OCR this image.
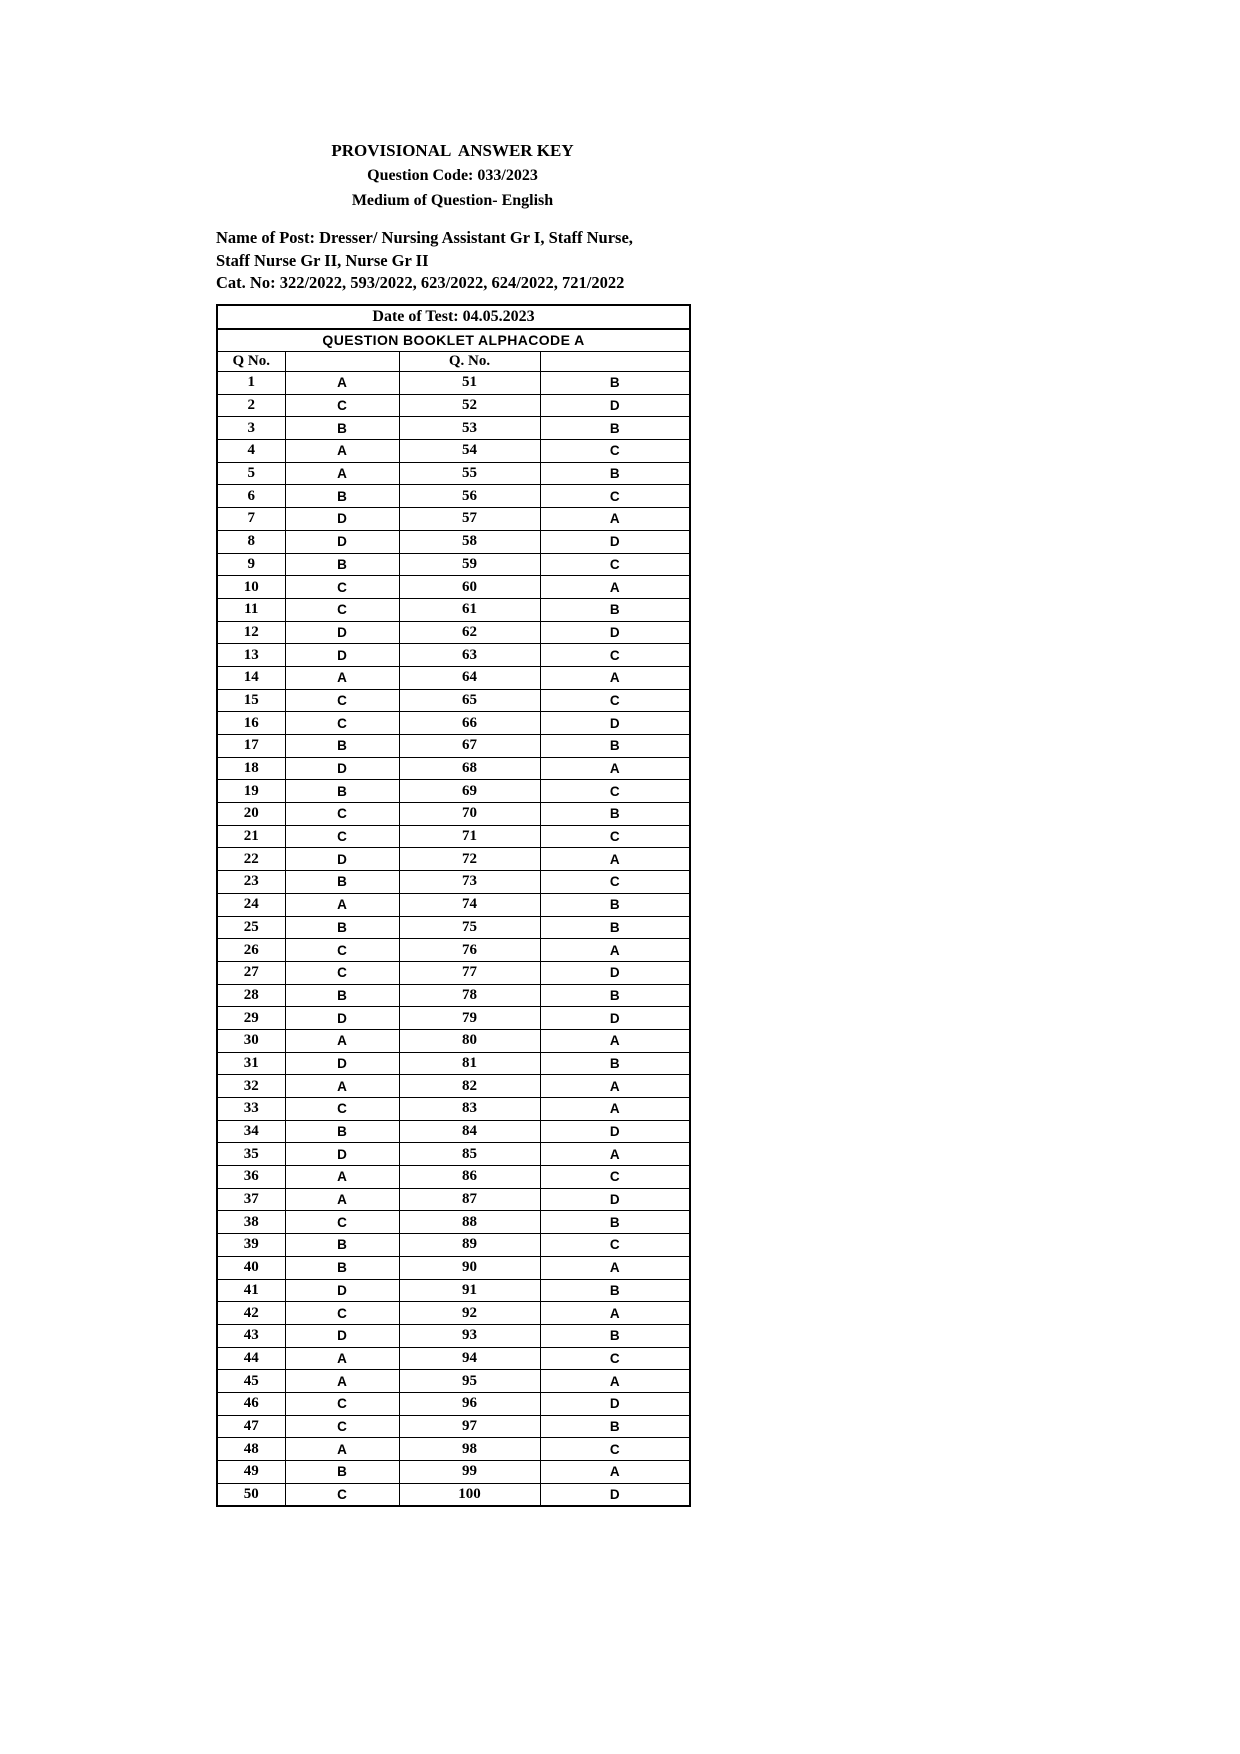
PROVISIONAL  ANSWER KEY
Question Code: 033/2023
Medium of Question- English
Name of Post: Dresser/ Nursing Assistant Gr I, Staff Nurse,
Staff Nurse Gr II, Nurse Gr II
Cat. No: 322/2022, 593/2022, 623/2022, 624/2022, 721/2022
Date of Test: 04.05.2023			
QUESTION BOOKLET ALPHACODE A			
Q No.		Q. No.	
1	A	51	B
2	C	52	D
3	B	53	B
4	A	54	C
5	A	55	B
6	B	56	C
7	D	57	A
8	D	58	D
9	B	59	C
10	C	60	A
11	C	61	B
12	D	62	D
13	D	63	C
14	A	64	A
15	C	65	C
16	C	66	D
17	B	67	B
18	D	68	A
19	B	69	C
20	C	70	B
21	C	71	C
22	D	72	A
23	B	73	C
24	A	74	B
25	B	75	B
26	C	76	A
27	C	77	D
28	B	78	B
29	D	79	D
30	A	80	A
31	D	81	B
32	A	82	A
33	C	83	A
34	B	84	D
35	D	85	A
36	A	86	C
37	A	87	D
38	C	88	B
39	B	89	C
40	B	90	A
41	D	91	B
42	C	92	A
43	D	93	B
44	A	94	C
45	A	95	A
46	C	96	D
47	C	97	B
48	A	98	C
49	B	99	A
50	C	100	D
